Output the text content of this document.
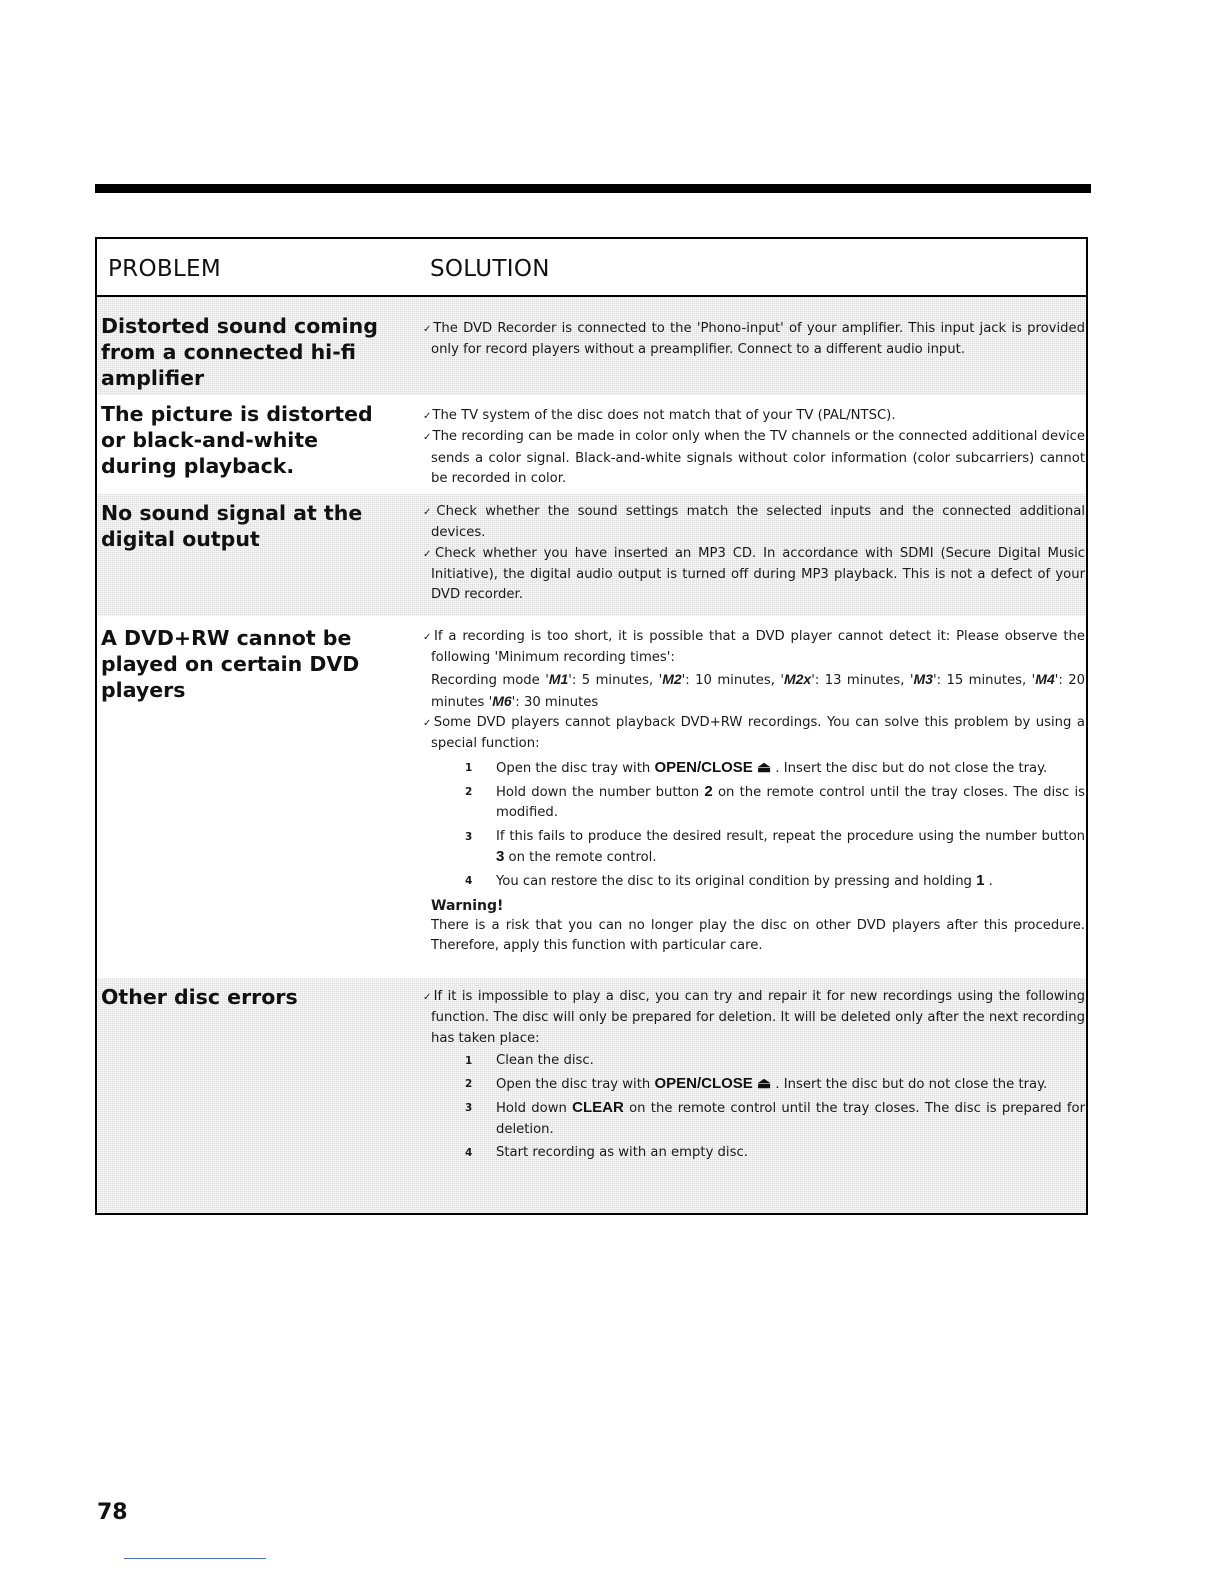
PROBLEM	SOLUTION
Distorted sound coming from a connected hi-fi amplifier
✓ The DVD Recorder is connected to the 'Phono-input' of your amplifier. This input jack is provided only for record players without a preamplifier. Connect to a different audio input.
The picture is distorted or black-and-white during playback.
✓ The TV system of the disc does not match that of your TV (PAL/NTSC).
✓ The recording can be made in color only when the TV channels or the connected additional device sends a color signal. Black-and-white signals without color information (color subcarriers) cannot be recorded in color.
No sound signal at the digital output
✓ Check whether the sound settings match the selected inputs and the connected additional devices.
✓ Check whether you have inserted an MP3 CD. In accordance with SDMI (Secure Digital Music Initiative), the digital audio output is turned off during MP3 playback. This is not a defect of your DVD recorder.
A DVD+RW cannot be played on certain DVD players
✓ If a recording is too short, it is possible that a DVD player cannot detect it: Please observe the following 'Minimum recording times':
Recording mode 'M1': 5 minutes, 'M2': 10 minutes, 'M2x': 13 minutes, 'M3': 15 minutes, 'M4': 20 minutes 'M6': 30 minutes
✓ Some DVD players cannot playback DVD+RW recordings. You can solve this problem by using a special function:
1 Open the disc tray with OPEN/CLOSE ⏏ . Insert the disc but do not close the tray.
2 Hold down the number button 2 on the remote control until the tray closes. The disc is modified.
3 If this fails to produce the desired result, repeat the procedure using the number button 3 on the remote control.
4 You can restore the disc to its original condition by pressing and holding 1 .
Warning!
There is a risk that you can no longer play the disc on other DVD players after this procedure. Therefore, apply this function with particular care.
Other disc errors
✓	If it is impossible to play a disc, you can try and repair it for new recordings using the following function. The disc will only be prepared for deletion. It will be deleted only after the next recording has taken place:
1 Clean the disc.
2 Open the disc tray with OPEN/CLOSE ⏏ . Insert the disc but do not close the tray.
3 Hold down CLEAR on the remote control until the tray closes. The disc is prepared for deletion.
4 Start recording as with an empty disc.
78
